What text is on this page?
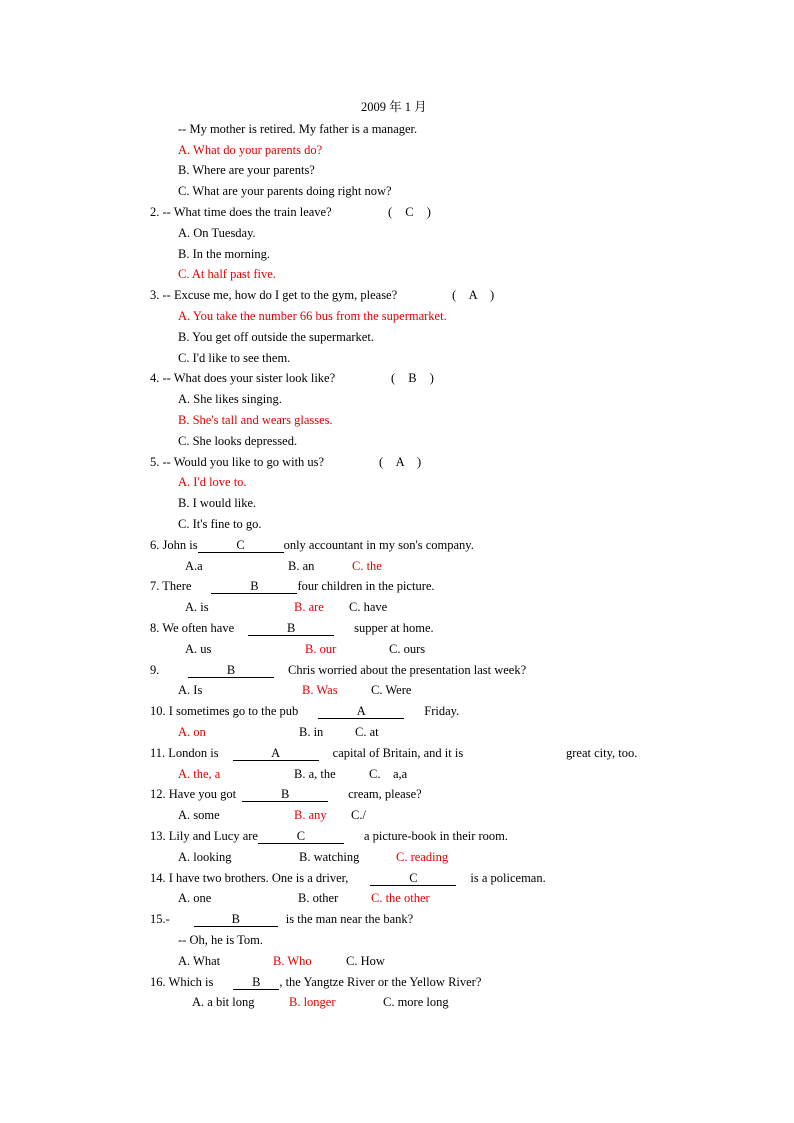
2009 年 1 月
-- My mother is retired. My father is a manager.
A. What do your parents do?
B. Where are your parents?
C. What are your parents doing right now?
2. -- What time does the train leave?	( C )
A. On Tuesday.
B. In the morning.
C. At half past five.
3. -- Excuse me, how do I get to the gym, please?	( A )
A. You take the number 66 bus from the supermarket.
B. You get off outside the supermarket.
C. I'd like to see them.
4. -- What does your sister look like?	( B )
A. She likes singing.
B. She's tall and wears glasses.
C. She looks depressed.
5. -- Would you like to go with us?	( A )
A. I'd love to.
B. I would like.
C. It's fine to go.
6. John is	C	only accountant in my son's company.
A.a	B. an	C. the
7. There	B	four children in the picture.
A. is	B. are C. have
8. We often have	B	supper at home.
A. us	B. our	C. ours
9.	B	Chris worried about the presentation last week?
A. Is	B. Was	C. Were
10. I sometimes go to the pub	A	Friday.
A. on	B. in	C. at
11. London is	A	capital of Britain, and it is	great city, too.
A. the, a	B. a, the	C.    a,a
12. Have you got	B	cream, please?
A. some	B. any C./
13. Lily and Lucy are	C	a picture-book in their room.
A. looking	B. watching	C. reading
14. I have two brothers. One is a driver,	C	is a policeman.
A. one	B. other	C. the other
15.-	B	is the man near the bank?
-- Oh, he is Tom.
A. What	B. Who	C. How
16. Which is	B , the Yangtze River or the Yellow River?
A. a bit long	B. longer	C. more long
